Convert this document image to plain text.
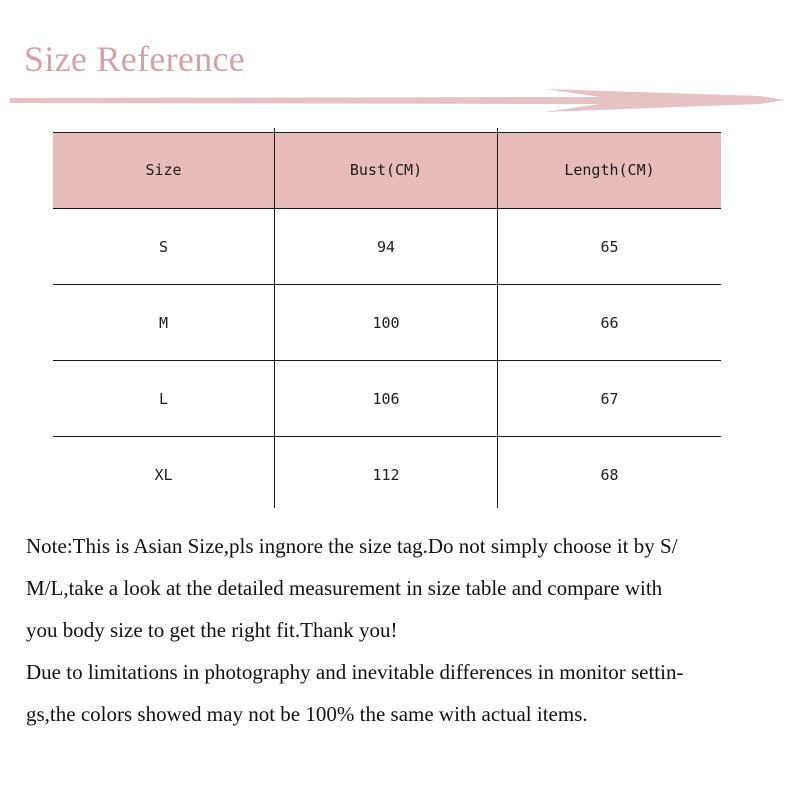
Size Reference
Size	Bust(CM)	Length(CM)
S	94	65
M	100	66
L	106	67
XL	112	68

Note:This is Asian Size,pls ingnore the size tag.Do not simply choose it by S/

M/L,take a look at the detailed measurement in size table and compare with

you body size to get the right fit.Thank you!

Due to limitations in photography and inevitable differences in monitor settin-

gs,the colors showed may not be 100% the same with actual items.
